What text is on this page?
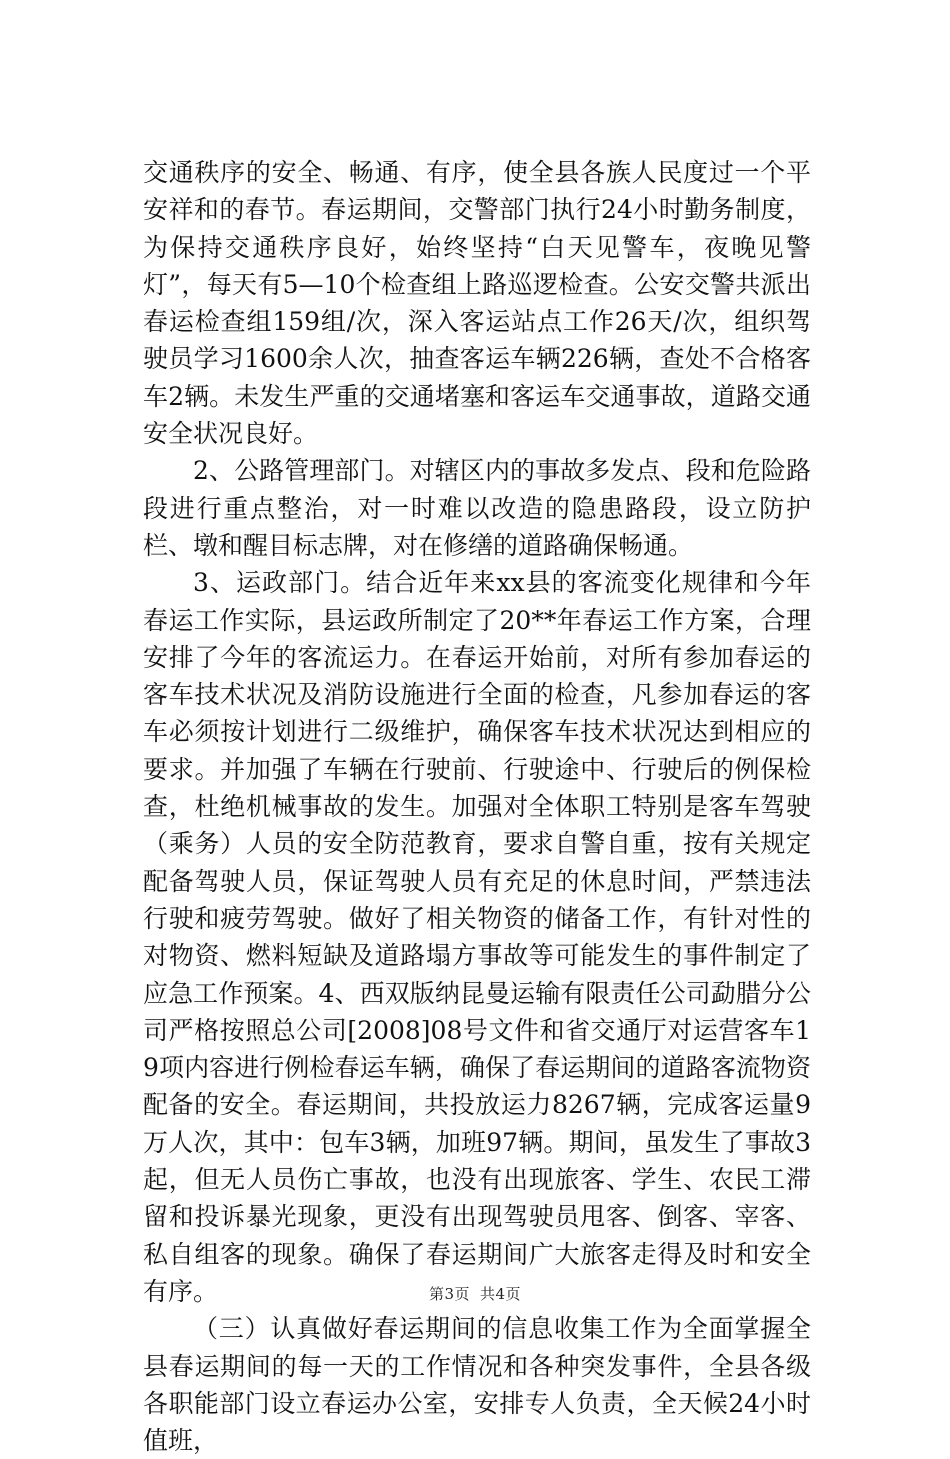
交通秩序的安全、畅通、有序，使全县各族人民度过一个平安祥和的春节。春运期间，交警部门执行24小时勤务制度，为保持交通秩序良好，始终坚持“白天见警车，夜晚见警灯”，每天有5—10个检查组上路巡逻检查。公安交警共派出春运检查组159组/次，深入客运站点工作26天/次，组织驾驶员学习1600余人次，抽查客运车辆226辆，查处不合格客车2辆。未发生严重的交通堵塞和客运车交通事故，道路交通安全状况良好。

2、公路管理部门。对辖区内的事故多发点、段和危险路段进行重点整治，对一时难以改造的隐患路段，设立防护栏、墩和醒目标志牌，对在修缮的道路确保畅通。

3、运政部门。结合近年来xx县的客流变化规律和今年春运工作实际，县运政所制定了20**年春运工作方案，合理安排了今年的客流运力。在春运开始前，对所有参加春运的客车技术状况及消防设施进行全面的检查，凡参加春运的客车必须按计划进行二级维护，确保客车技术状况达到相应的要求。并加强了车辆在行驶前、行驶途中、行驶后的例保检查，杜绝机械事故的发生。加强对全体职工特别是客车驾驶（乘务）人员的安全防范教育，要求自警自重，按有关规定配备驾驶人员，保证驾驶人员有充足的休息时间，严禁违法行驶和疲劳驾驶。做好了相关物资的储备工作，有针对性的对物资、燃料短缺及道路塌方事故等可能发生的事件制定了应急工作预案。4、西双版纳昆曼运输有限责任公司勐腊分公司严格按照总公司[2008]08号文件和省交通厅对运营客车19项内容进行例检春运车辆，确保了春运期间的道路客流物资配备的安全。春运期间，共投放运力8267辆，完成客运量9万人次，其中：包车3辆，加班97辆。期间，虽发生了事故3起，但无人员伤亡事故，也没有出现旅客、学生、农民工滞留和投诉暴光现象，更没有出现驾驶员甩客、倒客、宰客、私自组客的现象。确保了春运期间广大旅客走得及时和安全有序。

（三）认真做好春运期间的信息收集工作为全面掌握全县春运期间的每一天的工作情况和各种突发事件，全县各级各职能部门设立春运办公室，安排专人负责，全天候24小时值班，

第3页 共4页
